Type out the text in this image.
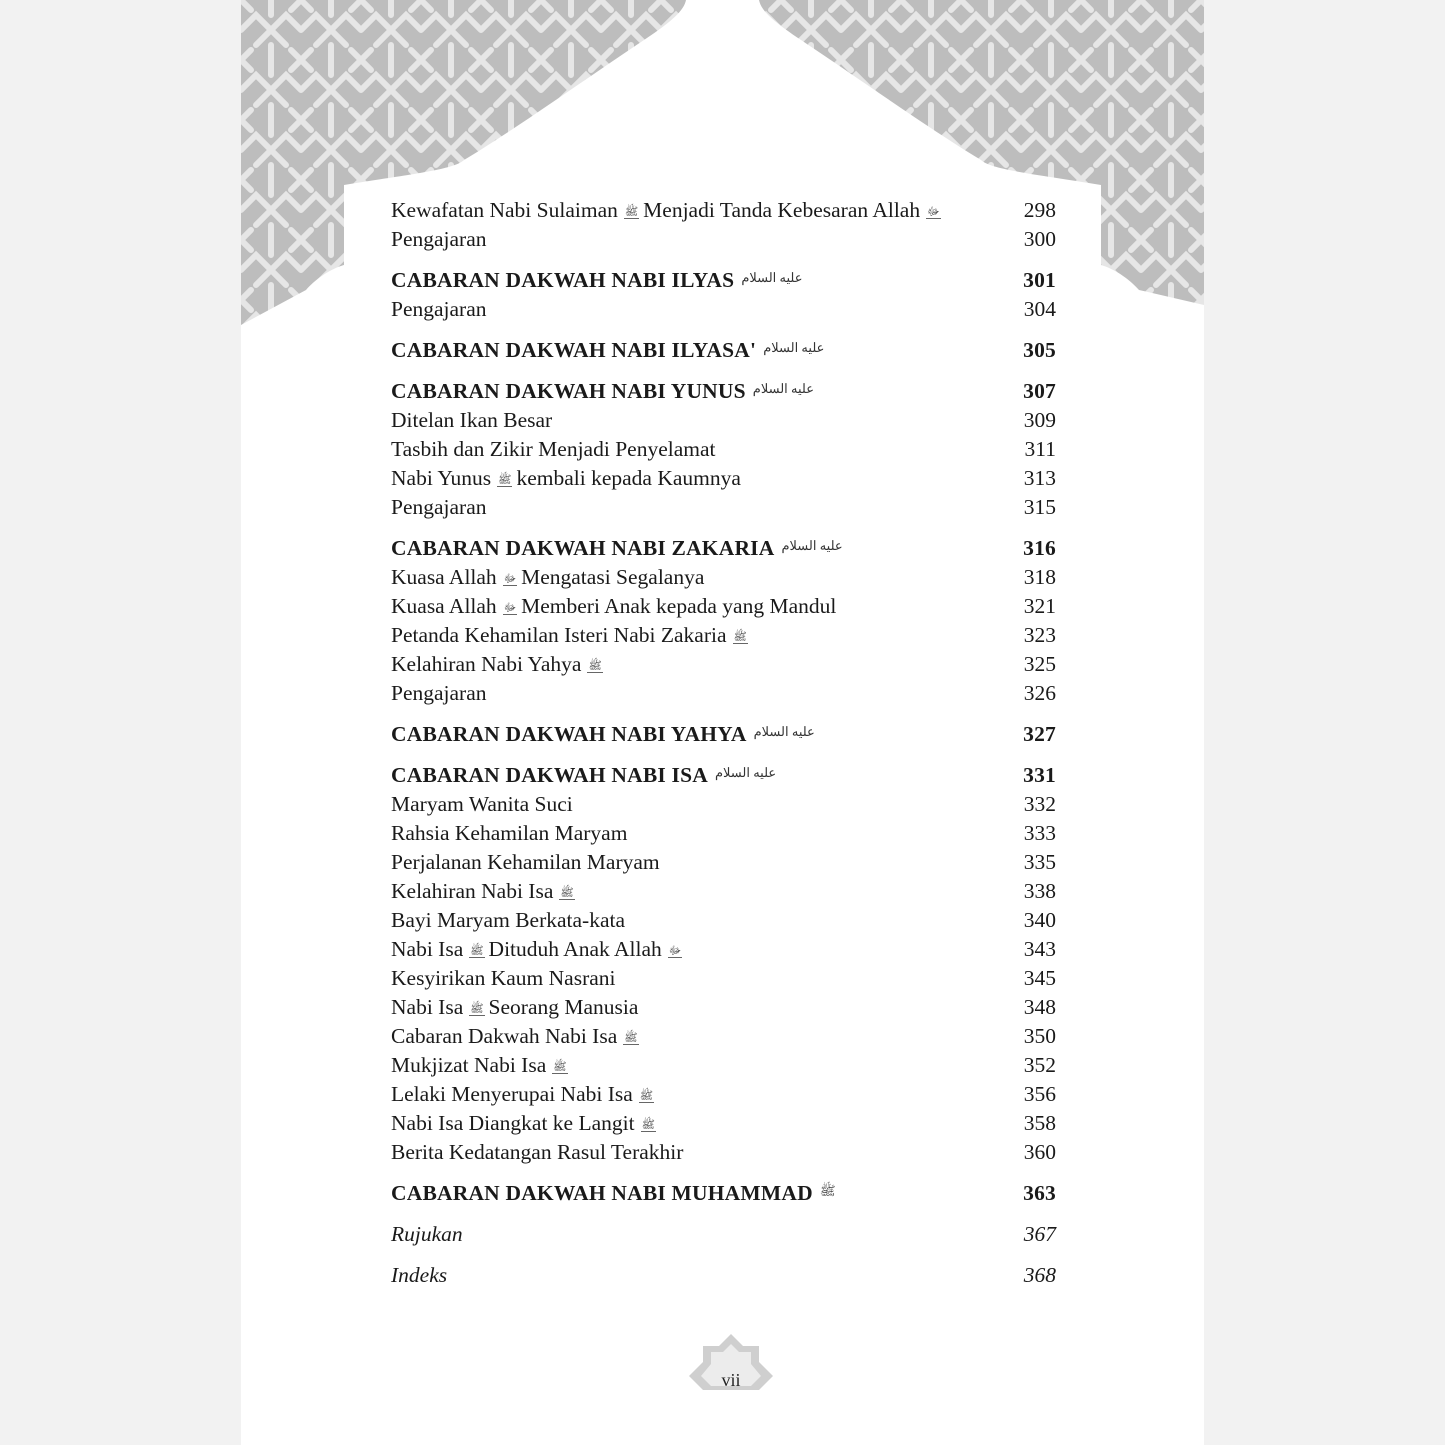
Kewafatan Nabi Sulaiman ﷺ Menjadi Tanda Kebesaran Allah ﷻ	298
Pengajaran	300
CABARAN DAKWAH NABI ILYAS عليه السلام	301
Pengajaran	304
CABARAN DAKWAH NABI ILYASA' عليه السلام	305
CABARAN DAKWAH NABI YUNUS عليه السلام	307
Ditelan Ikan Besar	309
Tasbih dan Zikir Menjadi Penyelamat	311
Nabi Yunus ﷺ kembali kepada Kaumnya	313
Pengajaran	315
CABARAN DAKWAH NABI ZAKARIA عليه السلام	316
Kuasa Allah ﷻ Mengatasi Segalanya	318
Kuasa Allah ﷻ Memberi Anak kepada yang Mandul	321
Petanda Kehamilan Isteri Nabi Zakaria ﷺ	323
Kelahiran Nabi Yahya ﷺ	325
Pengajaran	326
CABARAN DAKWAH NABI YAHYA عليه السلام	327
CABARAN DAKWAH NABI ISA عليه السلام	331
Maryam Wanita Suci	332
Rahsia Kehamilan Maryam	333
Perjalanan Kehamilan Maryam	335
Kelahiran Nabi Isa ﷺ	338
Bayi Maryam Berkata-kata	340
Nabi Isa ﷺ Dituduh Anak Allah ﷻ	343
Kesyirikan Kaum Nasrani	345
Nabi Isa ﷺ Seorang Manusia	348
Cabaran Dakwah Nabi Isa ﷺ	350
Mukjizat Nabi Isa ﷺ	352
Lelaki Menyerupai Nabi Isa ﷺ	356
Nabi Isa Diangkat ke Langit ﷺ	358
Berita Kedatangan Rasul Terakhir	360
CABARAN DAKWAH NABI MUHAMMAD ﷺ	363
Rujukan	367
Indeks	368
vii
